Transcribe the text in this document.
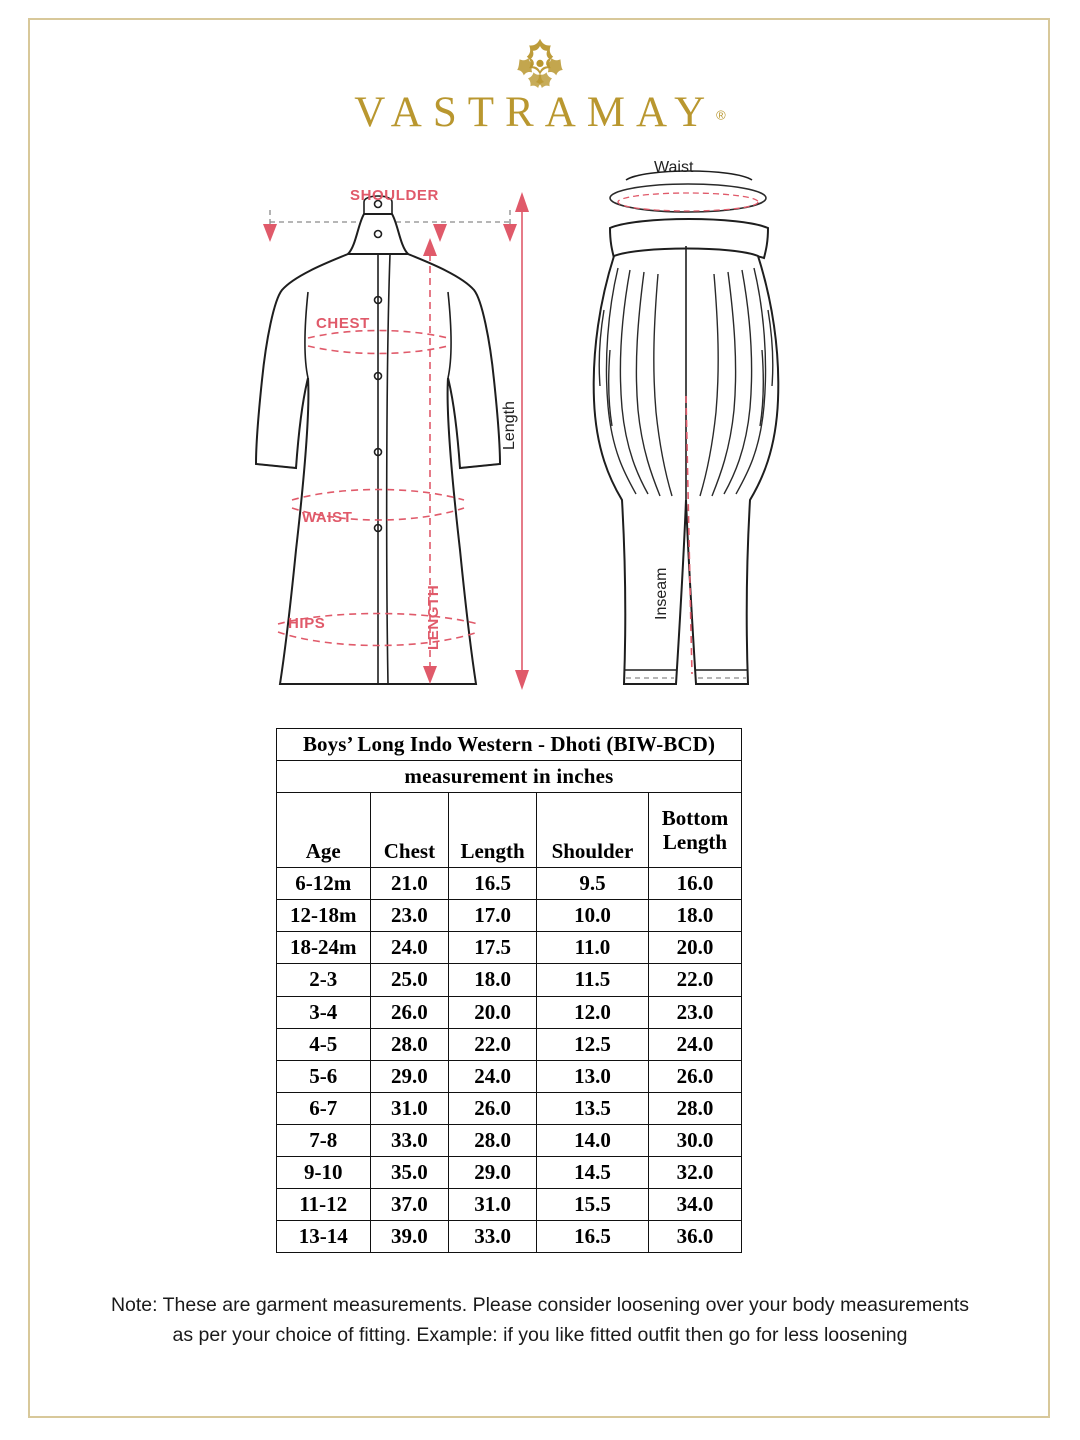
VASTRAMAY®
CHEST
WAIST
HIPS	LENGTH
SHOULDER
Waist
Length
Inseam
Boys’ Long Indo Western - Dhoti (BIW-BCD)				
measurement in inches				
Age	Chest	Length	Shoulder	Bottom
Length

6-12m	21.0	16.5	9.5	16.0
12-18m	23.0	17.0	10.0	18.0
18-24m	24.0	17.5	11.0	20.0
2-3	25.0	18.0	11.5	22.0
3-4	26.0	20.0	12.0	23.0
4-5	28.0	22.0	12.5	24.0
5-6	29.0	24.0	13.0	26.0
6-7	31.0	26.0	13.5	28.0
7-8	33.0	28.0	14.0	30.0
9-10	35.0	29.0	14.5	32.0
11-12	37.0	31.0	15.5	34.0
13-14	39.0	33.0	16.5	36.0
Note: These are garment measurements. Please consider loosening over your body measurements
as per your choice of fitting. Example: if you like fitted outfit then go for less loosening
